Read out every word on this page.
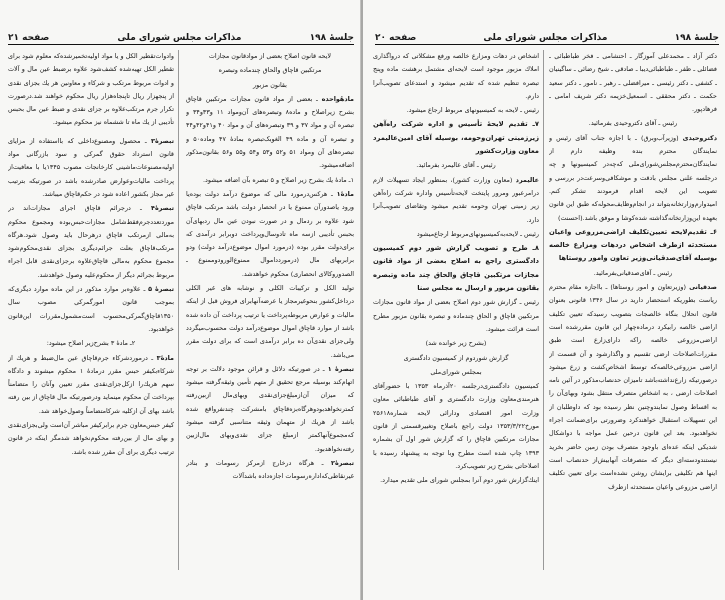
جلسهٔ ۱۹۸
مذاکرات مجلس شورای ملی
صفحه ۲۱

لایحه قانون اصلاح بعضی از موادقانون مجازات

مرتکبین قاچاق والحاق چندماده وتبصره

بقانون مزبور

مادهٔواحده ـ بعضی از مواد قانون مجازات مرتکبین قاچاق بشرح زیراصلاح و ماده۸ وتبصره‌های آن‌ومواد ۱۱ و۳۳و۳۴ و تبصره آن و مواد ۳۷ و ۳۹ وتبصره‌های آن و مواد ۴۰ و۴۱و۴۲و۴۴ و تبصره آن و ماده ۴۹ الغوبک‌تبصره بمادهٔ ۴۷ وماده۵۰ و تبصره‌های آن ومواد ۵۱ و۵۲ و۵۳ و۵۴ و۵۵ و۵۶ بقانون‌مذکور اضافه‌میشود.

۱ـ مادهٔ یك بشرح زیر اصلاح و ۵ تبصره بآن اضافه میشود.

مادهٔ۱ ـ هرکس‌درمورد مالی که موضوع درآمد دولت بوده‌یا ورود یاصدورآن ممنوع یا در انحصار دولت باشد مرتکب قاچاق شود علاوه بر ردمال و در صورت نبودن عین مال ردبهای‌آن بحبس تأدیبی ازسه ماه تادوسال‌وپرداخت دوبرابر درآمدی که برای‌دولت مقرر بوده (درمورد اموال موضوع‌درآمد دولت) ودو برابربهای مال (درموردداموال ممنوع‌الورود‌وممنوع ـ الصدوروکالای انحصاری) محکوم خواهدشد.

تولید الکل و ترکیبات الکلی و نوشابه های غیر الکلی درداخل‌کشور بنحوغیرمجاز یا عرضه‌آنهابرای فروش قبل از اینکه مالیات و عوارض مربوطه‌پرداخت یا ترتیب پرداخت آن داده شده باشد از موارد قاچاق اموال موضوع‌درآمد دولت محسوب‌میگردد ولی‌جزای نقدی‌آن ده برابر درآمدی است که برای دولت مقرر می‌باشد.

تبصرهٔ ۱ ـ در صورتیکه دلائل و قرائن موجود دلالت بر توجه اتهام‌کند بوسیله مرجع تحقیق از متهم تأمین وثیقه‌گرفته میشود که میزان آن‌ازمبلغ‌جزای‌نقدی وبهای‌مال ازبین‌رفته کمترنخواهدبود‌وهرگاه‌بزه‌قاچاق بامشرکت چندنفرواقع شده باشد از هریك از متهمان وثیقه متناسبی گرفته میشود کەمجموع‌آنهاکمتر ازمبلغ جزای نقدی‌وبهای مال‌ازبین رفته‌نخواهدبود.

تبصرهٔ۲ ـ هرگاه درخارج ازمرکز رسومات و بنادر غیرنقاطی‌کەادارەرسومات اجازه‌داده باشدآلات

وادوات‌تقطیر الکل و یا مواد اولیه‌تخمیرشده‌که معلوم شود برای تقطیر الکل تهیه‌شده کشف‌شود علاوه برضبط عین مال و آلات و ادوات مربوط مرتکب و شرکاء و معاونین هر یك بجزای نقدی از پنجهزار ریال تاپنجاەهزار ریال محکوم خواهند شد.درصورت تکرار جرم مرتکب‌علاوه بر جزای نقدی و ضبط عین مال بحبس تأدیبی از یك ماه تا ششماه نیز محکوم میشود.

تبصرهٔ۳ ـ محصول ومصنوع‌داخلی که بااستفاده از مزایای قانون استرداد حقوق گمرکی و سود بازرگانی مواد اولیه‌مصنوعات‌ماشینی کارخانجات مصوب ۱۳۴۵یا با معافیت‌از پرداخت مالیات‌وعوارض صادرشده باشد در صورتیکه بترتیب غیر مجاز بکشور اعاده شود در حکم‌قاچاق میباشد.

تبصرهٔ۴ ـ درجرائم قاچاق اجرای مجازات‌اند در موردتعددجرم‌فقط‌شامل مجازات‌حبس‌بوده ومجموع محکوم بەمالی ازمرتکب قاچاق درهرحال باید وصول شود.هرگاه مرتکب‌قاچاق بعلت جرائم‌دیگری بجزای نقدی‌محکوم‌شود مجموع محکوم بەمالی قاچاق‌علاوه برجزای‌نقدی قابل اجراء مربوط بجرائم دیگر از محکوم‌علیه وصول خواهدشد.

تبصرهٔ ۵ ـ علاوه‌بر موارد مذکور در این ماده موارد دیگری‌که بموجب قانون امورگمرکی مصوب سال ۱۳۵۰قاچاق‌گمرکی‌محسوب است‌مشمول‌مقررات این‌قانون خواهدبود.

۲ـ مادهٔ ۳ بشرح‌زیر اصلاح میشود:

مادهٔ۳ ـ درموردشرکاء جرم‌قاچاق عین مال‌ضبط و هریك از شرکاءبکیفر حبس مقرر درمادهٔ ۱ محکوم میشوند و دادگاه سهم هریك‌را ازکل‌جزای‌نقدی مقرر تعیین وآنان را متضامناً بپرداخت آن محکوم مینماید ودرصورتیکه مال قاچاق از بین رفته باشد بهای آن ازکلیه شرکامتضامناً وصول‌خواهد شد.

کیفر حبس‌معاون جرم برابرکیفر مباشر آن‌است ولی‌بجزای‌نقدی و بهای مال از بین‌رفته محکوم‌نخواهد شدمگر اینکه در قانون ترتیب دیگری برای آن مقرر شده باشد.

جلسهٔ ۱۹۸
مذاکرات مجلس شورای ملی
صفحه ۲۰

دکتر آزاد ـ محمدعلی آموزگار ـ احتشامی ـ فخر طباطبائی ـ فضائلی ـ ظفر ـ طباطبائی‌دیبا ـ صادقی ـ شیخ رضائی ـ ساگینیان ـ کشفی ـ دکتر رئیسی ـ میرافضلی ـ رهبر ـ نامور ـ دکتر سعید حکمت ـ دکتر محققی ـ اسمعیل‌خزیمه دکتر شریف امامی ـ فرهادپور.

رئیس ـ آقای دکتروحیدی بفرمائید.

دکتروحیدی (وزیرآب‌وبرق) ـ با اجازه جناب آقای رئیس و نمایندگان محترم بنده وظیفه دارم از نمایندگان‌محترم‌مجلس‌شورای‌ملی که‌چه‌در کمیسیونها و چه درجلسه علنی مجلس بادقت و موشکافی‌وسرعت‌در بررسی و تصویب این لایحه اقدام فرمودند تشکر کنم. امیدوارم‌وزارتخانه‌بتواند در انجام‌وظایف‌محوله‌که طبق این قانون بعهده این‌وزارتخانه‌گذاشته شده‌کوشا و موفق باشد.(احسنت)

۶ـ تقدیم‌لایحه تعیین‌تکلیف اراضی‌مزروعی واعیان مستحدثه ازطرف اشخاص دردهات ومزارع خالصه بوسیله آقای‌صدقیانی‌وزیر تعاون وامور روستاها

رئیس ـ آقای‌صدقیانی‌بفرمائید.

صدقیانی (وزیرتعاون و امور روستاها) ـ بااجازه مقام محترم ریاست بطوریکه استحضار دارید در سال ۱۳۴۶ قانونی بعنوان قانون انحلال بنگاه خالصجات بتصویب رسید‌که تعیین تکلیف اراضی خالصه رابیکرد درماده‌چهار این قانون مقررشده است اراضی‌مزروعی خالصه راکه دارای‌زارع است طبق مقررات‌اصلاحات ارضی تقسیم و واگذارشود و آن قسمت از اراضی مزروعی‌خالصه‌که توسط اشخاص‌کشت و زرع میشود درصورتیکه زارع‌نداشته‌باشد تامیزان حدنصاب‌مذکور در آئین نامه اصلاحات ارضی ، به اشخاص متصرف منتقل بشود وبهای‌آن را به اقساط وصول نمایندوچنین نظر رسیده بود که داوطلبان از این تسهیلات استقبال خواهندکرد وضرورتی برای‌ضمانت اجراء نخواهدبود. بعد این قانون درحین عمل مواجه با دواشکال شدیکی اینکه عده‌ای باوجود متصرف بودن زمین حاضر بخرید نیستندودسته‌ای دیگر که متصرفات آنهابیش‌از حدنصاب است اینها هم تکلیفی برایشان روشن نشده‌است برای تعیین تکلیف اراضی مزروعی واعیان مستحدثه ازطرف

اشخاص در دهات ومزارع خالصه ورفع مشکلاتی که درواگذاری املاك مزبور موجود است لایحه‌ای مشتمل برهشت ماده وپنج تبصره تنظیم شده که تقدیم میشود و استدعای تصویب‌آنرا دارم.

رئیس ـ لایحه به کمیسیونهای مربوط ارجاع میشود.

۷ـ تقدیم لایحهٔ تأسیس و اداره شرکت راه‌آهن زیرزمینی تهران‌وحومه، بوسیله آقای امین‌عالیمرد معاون وزارت‌کشور

رئیس ـ آقای عالیمرد بفرمائید.

عالیمرد (معاون وزارت کشور)، بمنظور ایجاد تسهیلات لازم درامرعبور ومرور پایتخت لایحه‌تأسیس واداره شرکت راه‌آهن زیر زمینی تهران وحومه تقدیم میشود وتقاضای تصویب‌آنرا دارد.

رئیس ـ لایحه‌بەکمیسیونهای‌مربوط ارجاع‌میشود

۸ـ طرح و تصویب گزارش شور دوم کمیسیون دادگستری راجع به اصلاح بعضی از مواد قانون مجازات مرتکبین قاچاق والحاق چند ماده وتبصره بقانون مزبور و ارسال به مجلس سنا

رئیس ـ گزارش شور دوم اصلاح بعضی از مواد قانون مجازات مرتکبین قاچاق و الحاق چندماده و تبصره بقانون مزبور مطرح است قرائت میشود.

(بشرح زیر خوانده شد)

گزارش شوردوم از کمیسیون دادگستری

بمجلس شورای‌ملی

کمیسیون دادگستری‌درجلسه ۲۰آذرماه ۱۳۵۳ با حضورآقای هنرمندی‌معاون وزارت دادگستری و آقای طباطبائی معاون وزارت امور اقتصادی ودارائی لایحه شماره۲۵۶۱۸ مورخ۱۳۵۳/۳/۲۲ دولت راجع باصلاح وتغییرقسمتی از قانون مجازات مرتکبین قاچاق را که گزارش شور اول آن بشماره ۱۳۹۳ چاپ شده است مطرح وبا توجه به پیشنهاد رسیده با اصلاحاتی بشرح زیر تصویب‌کرد.

اینك‌گزارش شور دوم آنرا بمجلس شورای ملی تقدیم میدارد.
